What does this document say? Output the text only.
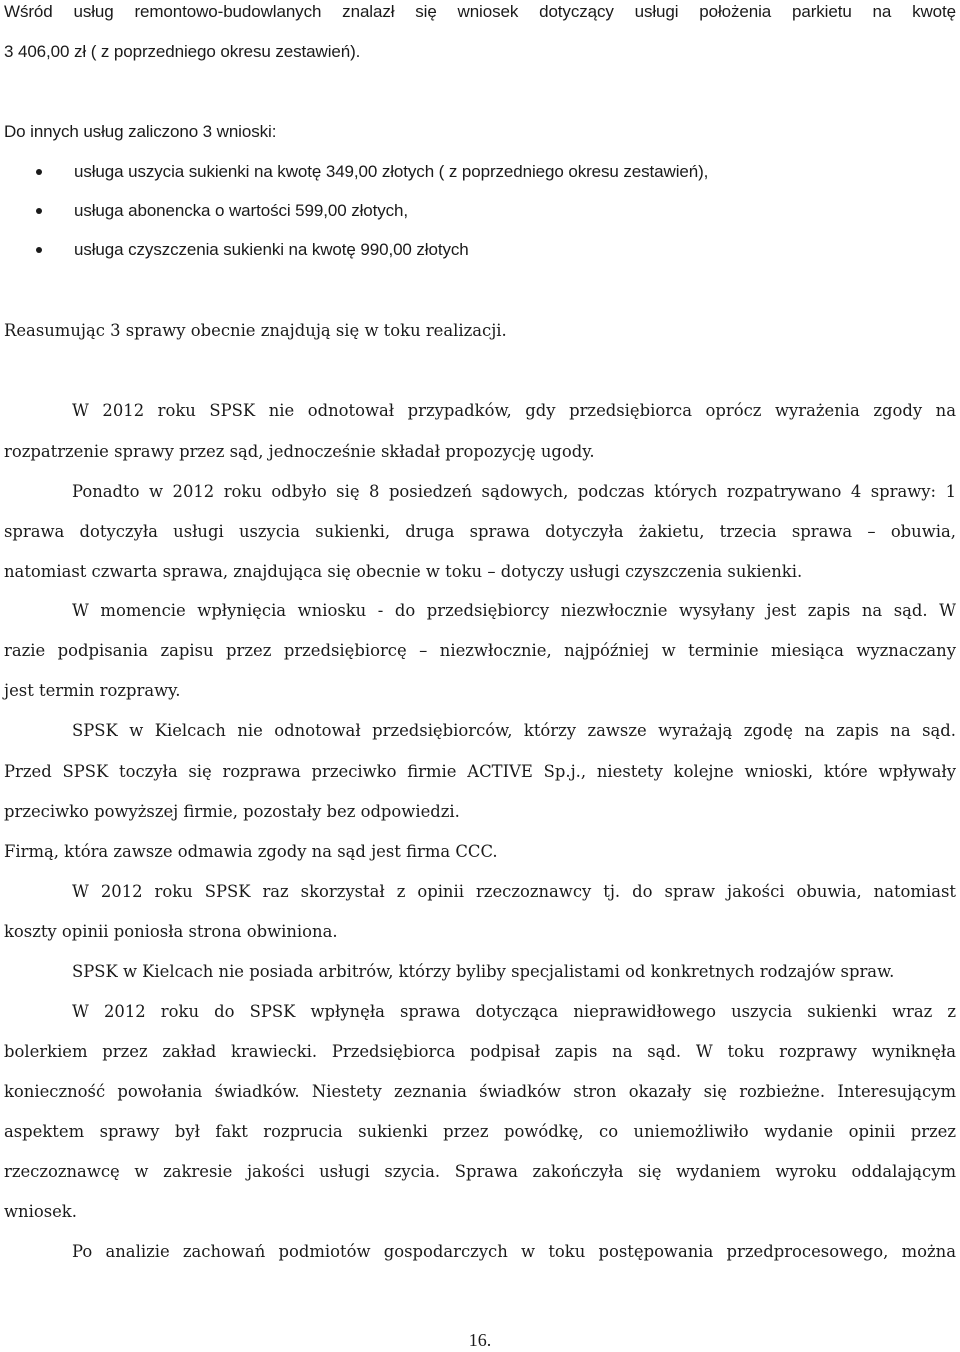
Wśród usług remontowo-budowlanych znalazł się wniosek dotyczący usługi położenia parkietu na kwotę
3 406,00 zł ( z poprzedniego okresu zestawień).
Do innych usług zaliczono 3 wnioski:
usługa uszycia sukienki na kwotę 349,00 złotych ( z poprzedniego okresu zestawień),
usługa abonencka o wartości 599,00 złotych,
usługa czyszczenia sukienki na kwotę 990,00 złotych
Reasumując 3 sprawy obecnie znajdują się w toku realizacji.
W 2012 roku SPSK nie odnotował przypadków, gdy przedsiębiorca oprócz wyrażenia zgody na
rozpatrzenie sprawy przez sąd, jednocześnie składał propozycję ugody.
Ponadto w 2012 roku odbyło się 8 posiedzeń sądowych, podczas których rozpatrywano 4 sprawy: 1
sprawa dotyczyła usługi uszycia sukienki, druga sprawa dotyczyła żakietu, trzecia sprawa – obuwia,
natomiast czwarta sprawa, znajdująca się obecnie w toku – dotyczy usługi czyszczenia sukienki.
W momencie wpłynięcia wniosku - do przedsiębiorcy niezwłocznie wysyłany jest zapis na sąd. W
razie podpisania zapisu przez przedsiębiorcę – niezwłocznie, najpóźniej w terminie miesiąca wyznaczany
jest termin rozprawy.
SPSK w Kielcach nie odnotował przedsiębiorców, którzy zawsze wyrażają zgodę na zapis na sąd.
Przed SPSK toczyła się rozprawa przeciwko firmie ACTIVE Sp.j., niestety kolejne wnioski, które wpływały
przeciwko powyższej firmie, pozostały bez odpowiedzi.
Firmą, która zawsze odmawia zgody na sąd jest firma CCC.
W 2012 roku SPSK raz skorzystał z opinii rzeczoznawcy tj. do spraw jakości obuwia, natomiast
koszty opinii poniosła strona obwiniona.
SPSK w Kielcach nie posiada arbitrów, którzy byliby specjalistami od konkretnych rodzajów spraw.
W 2012 roku do SPSK wpłynęła sprawa dotycząca nieprawidłowego uszycia sukienki wraz z
bolerkiem przez zakład krawiecki. Przedsiębiorca podpisał zapis na sąd. W toku rozprawy wyniknęła
konieczność powołania świadków. Niestety zeznania świadków stron okazały się rozbieżne. Interesującym
aspektem sprawy był fakt rozprucia sukienki przez powódkę, co uniemożliwiło wydanie opinii przez
rzeczoznawcę w zakresie jakości usługi szycia. Sprawa zakończyła się wydaniem wyroku oddalającym
wniosek.
Po analizie zachowań podmiotów gospodarczych w toku postępowania przedprocesowego, można
16.
